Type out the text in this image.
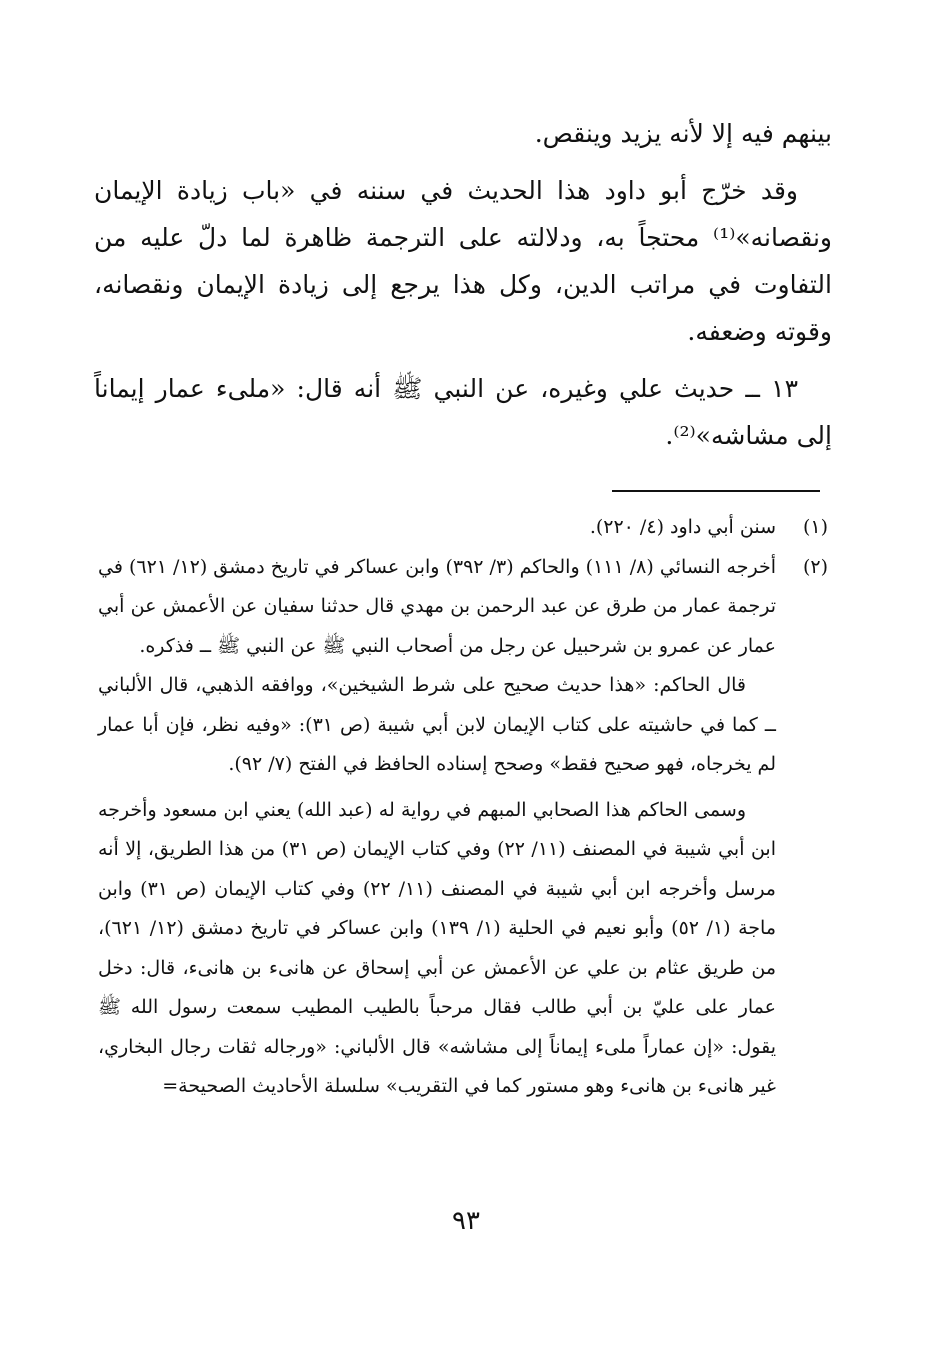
بينهم فيه إلا لأنه يزيد وينقص.

وقد خرّج أبو داود هذا الحديث في سننه في «باب زيادة الإيمان ونقصانه»⁽¹⁾ محتجاً به، ودلالته على الترجمة ظاهرة لما دلّ عليه من التفاوت في مراتب الدين، وكل هذا يرجع إلى زيادة الإيمان ونقصانه، وقوته وضعفه.

١٣ ــ حديث علي وغيره، عن النبي ﷺ أنه قال: «ملىء عمار إيماناً إلى مشاشه»⁽²⁾.

(١)

سنن أبي داود (٤/ ٢٢٠).

(٢)

أخرجه النسائي (٨/ ١١١) والحاكم (٣/ ٣٩٢) وابن عساكر في تاريخ دمشق (١٢/ ٦٢١) في ترجمة عمار من طرق عن عبد الرحمن بن مهدي قال حدثنا سفيان عن الأعمش عن أبي عمار عن عمرو بن شرحبيل عن رجل من أصحاب النبي ﷺ عن النبي ﷺ ــ فذكره.

قال الحاكم: «هذا حديث صحيح على شرط الشيخين»، ووافقه الذهبي، قال الألباني ــ كما في حاشيته على كتاب الإيمان لابن أبي شيبة (ص ٣١): «وفيه نظر، فإن أبا عمار لم يخرجاه، فهو صحيح فقط» وصحح إسناده الحافظ في الفتح (٧/ ٩٢).

وسمى الحاكم هذا الصحابي المبهم في رواية له (عبد الله) يعني ابن مسعود وأخرجه ابن أبي شيبة في المصنف (١١/ ٢٢) وفي كتاب الإيمان (ص ٣١) من هذا الطريق، إلا أنه مرسل وأخرجه ابن أبي شيبة في المصنف (١١/ ٢٢) وفي كتاب الإيمان (ص ٣١) وابن ماجة (١/ ٥٢) وأبو نعيم في الحلية (١/ ١٣٩) وابن عساكر في تاريخ دمشق (١٢/ ٦٢١)، من طريق عثام بن علي عن الأعمش عن أبي إسحاق عن هانىء بن هانىء، قال: دخل عمار على عليّ بن أبي طالب فقال مرحباً بالطيب المطيب سمعت رسول الله ﷺ يقول: «إن عماراً ملىء إيماناً إلى مشاشه» قال الألباني: «ورجاله ثقات رجال البخاري، غير هانىء بن هانىء وهو مستور كما في التقريب» سلسلة الأحاديث الصحيحة=

٩٣
